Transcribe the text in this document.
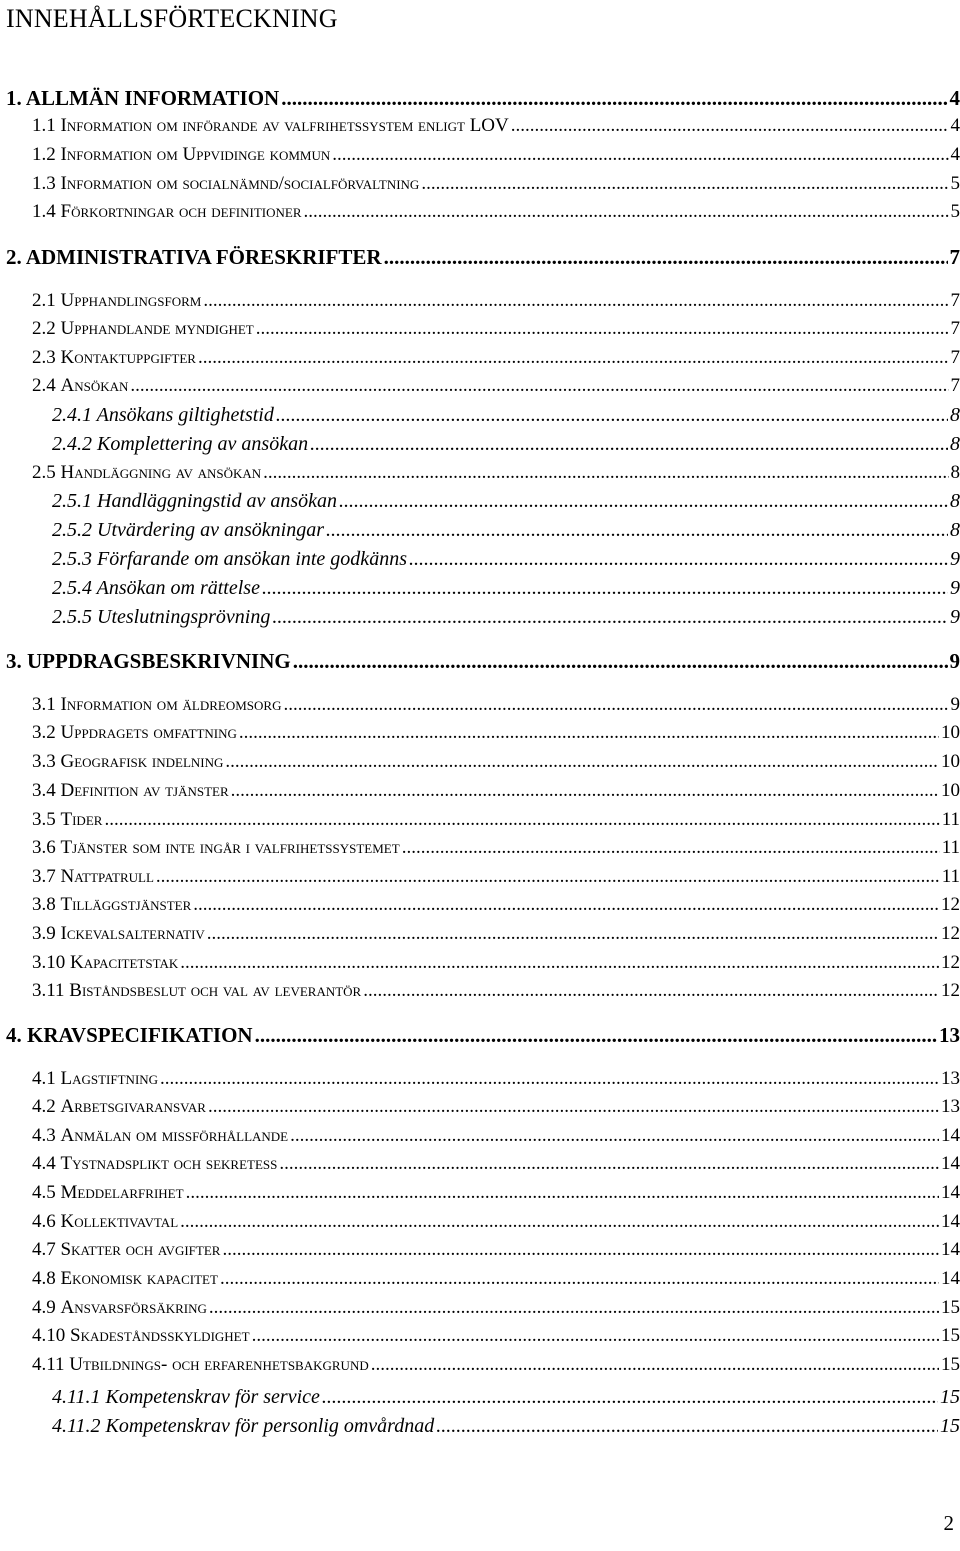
INNEHÅLLSFÖRTECKNING
1. ALLMÄN INFORMATION .....	4
1.1 Information om införande av valfrihetssystem enligt LOV .....	4
1.2 Information om Uppvidinge kommun .....	4
1.3 Information om socialnämnd/socialförvaltning .....	5
1.4 Förkortningar och definitioner .....	5
2. ADMINISTRATIVA FÖRESKRIFTER .....	7
2.1 Upphandlingsform .....	7
2.2 Upphandlande myndighet .....	7
2.3 Kontaktuppgifter .....	7
2.4 Ansökan .....	7
2.4.1 Ansökans giltighetstid .....	8
2.4.2 Komplettering av ansökan .....	8
2.5 Handläggning av ansökan .....	8
2.5.1 Handläggningstid av ansökan .....	8
2.5.2 Utvärdering av ansökningar .....	8
2.5.3 Förfarande om ansökan inte godkänns .....	9
2.5.4 Ansökan om rättelse .....	9
2.5.5 Uteslutningsprövning .....	9
3. UPPDRAGSBESKRIVNING .....	9
3.1 Information om äldreomsorg .....	9
3.2 Uppdragets omfattning .....	10
3.3 Geografisk indelning .....	10
3.4 Definition av tjänster .....	10
3.5 Tider .....	11
3.6 Tjänster som inte ingår i valfrihetssystemet .....	11
3.7 Nattpatrull .....	11
3.8 Tilläggstjänster .....	12
3.9 Ickevalsalternativ .....	12
3.10 Kapacitetstak .....	12
3.11 Biståndsbeslut och val av leverantör .....	12
4. KRAVSPECIFIKATION .....	13
4.1 Lagstiftning .....	13
4.2 Arbetsgivaransvar .....	13
4.3 Anmälan om missförhållande .....	14
4.4 Tystnadsplikt och sekretess .....	14
4.5 Meddelarfrihet .....	14
4.6 Kollektivavtal .....	14
4.7 Skatter och avgifter .....	14
4.8 Ekonomisk kapacitet .....	14
4.9 Ansvarsförsäkring .....	15
4.10 Skadeståndsskyldighet .....	15
4.11 Utbildnings- och erfarenhetsbakgrund .....	15
4.11.1 Kompetenskrav för service .....	15
4.11.2 Kompetenskrav för personlig omvårdnad .....	15
2
